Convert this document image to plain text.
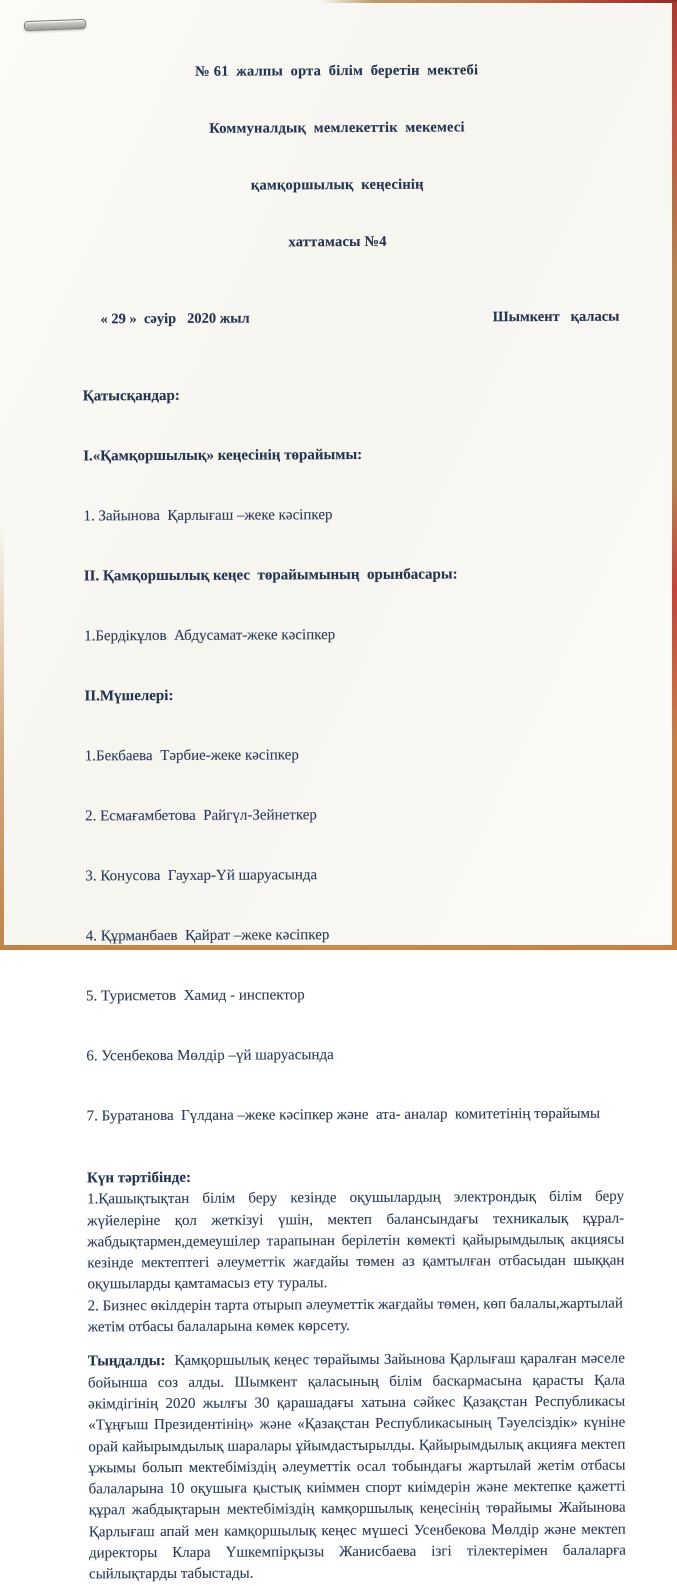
№ 61  жалпы  орта  білім  беретін  мектебі

Коммуналдық  мемлекеттік  мекемесі

қамқоршылық  кеңесінің

хаттамасы №4

« 29 »  сәуір   2020 жыл	Шымкент   қаласы

Қатысқандар:

I.«Қамқоршылық» кеңесінің төрайымы:

1. Зайынова  Қарлығаш –жеке кәсіпкер

II. Қамқоршылық кеңес  төрайымының  орынбасары:

1.Бердікұлов  Абдусамат-жеке кәсіпкер

II.Мүшелері:

1.Бекбаева  Тәрбие-жеке кәсіпкер

2. Есмағамбетова  Райгүл-Зейнеткер

3. Конусова  Гаухар-Үй шаруасында

4. Құрманбаев  Қайрат –жеке кәсіпкер

5. Турисметов  Хамид - инспектор

6. Усенбекова Мөлдір –үй шаруасында

7. Буратанова  Гүлдана –жеке кәсіпкер және  ата- аналар  комитетінің төрайымы

Күн тәртібінде:

1.Қашықтықтан білім беру кезінде оқушылардың электрондық білім беру жүйелеріне қол жеткізуі үшін, мектеп балансындағы техникалық құрал-жабдықтармен,демеушілер тарапынан берілетін көмекті қайырымдылық акциясы кезінде мектептегі әлеуметтік жағдайы төмен аз қамтылған отбасыдан шыққан оқушыларды қамтамасыз ету туралы.

2. Бизнес өкілдерін тарта отырып әлеуметтік жағдайы төмен, көп балалы,жартылай жетім отбасы балаларына көмек көрсету.

Тыңдалды: Қамқоршылық кеңес төрайымы Зайынова Қарлығаш қаралған мәселе бойынша соз алды. Шымкент қаласының білім баскармасына қарасты Қала әкімдігінің 2020 жылғы 30 қарашадағы хатына сәйкес Қазақстан Республикасы «Тұңғыш Президентінің» және «Қазақстан Республикасының Тәуелсіздік» күніне орай кайырымдылық шаралары ұйымдастырылды. Қайырымдылық акцияға мектеп ұжымы болып мектебіміздің әлеуметтік осал тобындағы жартылай жетім отбасы балаларына 10 оқушыға қыстық киіммен спорт киімдерін және мектепке қажетті құрал жабдықтарын мектебіміздің камқоршылық кеңесінің төрайымы Жайынова Қарлығаш апай мен камқоршылық кеңес мүшесі Усенбекова Мөлдір және мектеп директоры Клара Үшкемпірқызы Жанисбаева ізгі тілектерімен балаларға сыйлықтарды табыстады.
